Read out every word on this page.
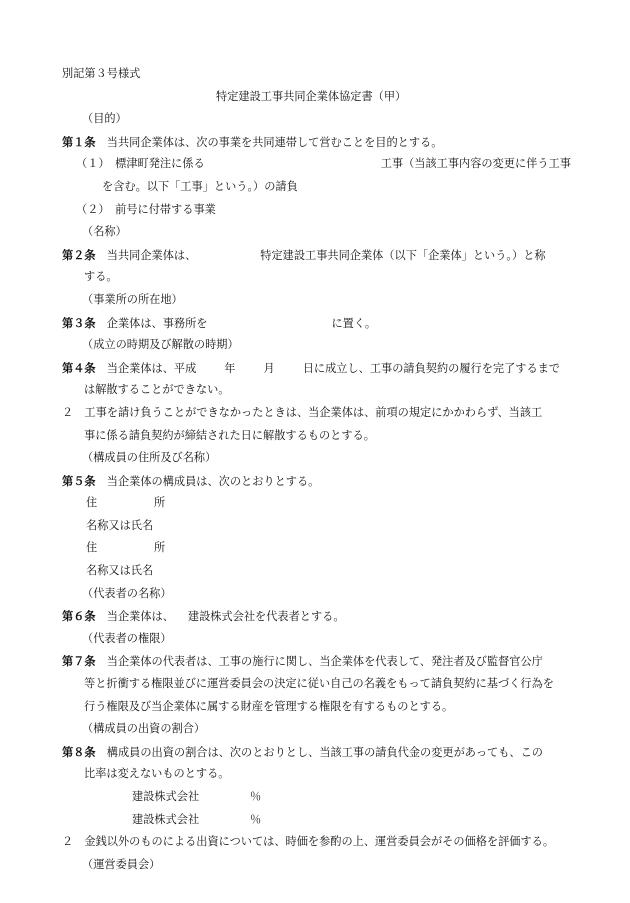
別記第３号様式
特定建設工事共同企業体協定書（甲）
（目的）
第１条　 当共同企業体は、次の事業を共同連帯して営むことを目的とする。
（１）　 標津町発注に係る	工事（当該工事内容の変更に伴う工事
を含む。以下「工事」という。）の請負
（２）　 前号に付帯する事業
（名称）
第２条　 当共同企業体は、	特定建設工事共同企業体（以下「企業体」という。）と称
する。
（事業所の所在地）
第３条　 企業体は、事務所を	に置く。
（成立の時期及び解散の時期）
第４条　 当企業体は、平成	年	月	日に成立し、工事の請負契約の履行を完了するまで
は解散することができない。
２　 工事を請け負うことができなかったときは、当企業体は、前項の規定にかかわらず、当該工
事に係る請負契約が締結された日に解散するものとする。
（構成員の住所及び名称）
第５条　 当企業体の構成員は、次のとおりとする。
住	所
名称又は氏名
住	所
名称又は氏名
（代表者の名称）
第６条　 当企業体は、 建設株式会社を代表者とする。
（代表者の権限）
第７条　 当企業体の代表者は、工事の施行に関し、当企業体を代表して、発注者及び監督官公庁
等と折衝する権限並びに運営委員会の決定に従い自己の名義をもって請負契約に基づく行為を
行う権限及び当企業体に属する財産を管理する権限を有するものとする。
（構成員の出資の割合）
第８条　 構成員の出資の割合は、次のとおりとし、当該工事の請負代金の変更があっても、この
比率は変えないものとする。
建設株式会社	％
建設株式会社	％
２　 金銭以外のものによる出資については、時価を参酌の上、運営委員会がその価格を評価する。
（運営委員会）
